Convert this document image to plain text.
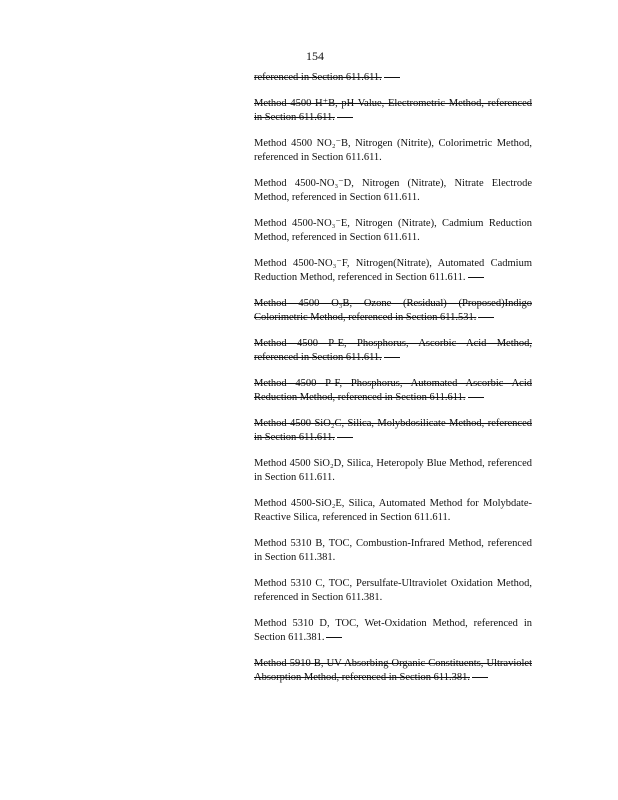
154
referenced in Section 611.611.
Method 4500 H⁺B, pH Value, Electrometric Method, referenced in Section 611.611.
Method 4500 NO₂⁻B, Nitrogen (Nitrite), Colorimetric Method, referenced in Section 611.611.
Method 4500-NO₃⁻D, Nitrogen (Nitrate), Nitrate Electrode Method, referenced in Section 611.611.
Method 4500-NO₃⁻E, Nitrogen (Nitrate), Cadmium Reduction Method, referenced in Section 611.611.
Method 4500-NO₃⁻F, Nitrogen(Nitrate), Automated Cadmium Reduction Method, referenced in Section 611.611.
Method 4500 O₃B, Ozone (Residual) (Proposed)Indigo Colorimetric Method, referenced in Section 611.531.
Method 4500 P-E, Phosphorus, Ascorbic Acid Method, referenced in Section 611.611.
Method 4500 P-F, Phosphorus, Automated Ascorbic Acid Reduction Method, referenced in Section 611.611.
Method 4500 SiO₂C, Silica, Molybdosilicate Method, referenced in Section 611.611.
Method 4500 SiO₂D, Silica, Heteropoly Blue Method, referenced in Section 611.611.
Method 4500-SiO₂E, Silica, Automated Method for Molybdate-Reactive Silica, referenced in Section 611.611.
Method 5310 B, TOC, Combustion-Infrared Method, referenced in Section 611.381.
Method 5310 C, TOC, Persulfate-Ultraviolet Oxidation Method, referenced in Section 611.381.
Method 5310 D, TOC, Wet-Oxidation Method, referenced in Section 611.381.
Method 5910 B, UV Absorbing Organic Constituents, Ultraviolet Absorption Method, referenced in Section 611.381.
